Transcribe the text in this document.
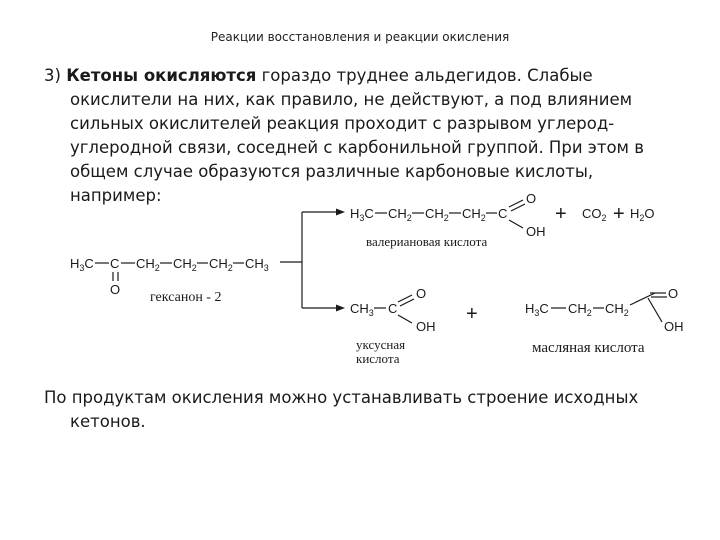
Реакции восстановления и реакции окисления

3) Кетоны окисляются гораздо труднее альдегидов. Слабые окислители на них, как правило, не действуют, а под влиянием сильных окислителей реакция проходит с разрывом углерод-углеродной связи, соседней с карбонильной группой. При этом в общем случае образуются различные карбоновые кислоты, например:

$H_3C$ C $CH_2$ $CH_2$ $CH_2$ $CH_3$
O
гексанон - 2
$H_3C$ $CH_2$ $CH_2$ $CH_2$ C
O
OH
+ $CO_2 + H_2O$
валериановая кислота
$CH_3$ C
O
OH
уксусная
кислота
+	$H_3C$ $CH_2$ $CH_2$
O
OH
масляная кислота

По продуктам окисления можно устанавливать строение исходных кетонов.
